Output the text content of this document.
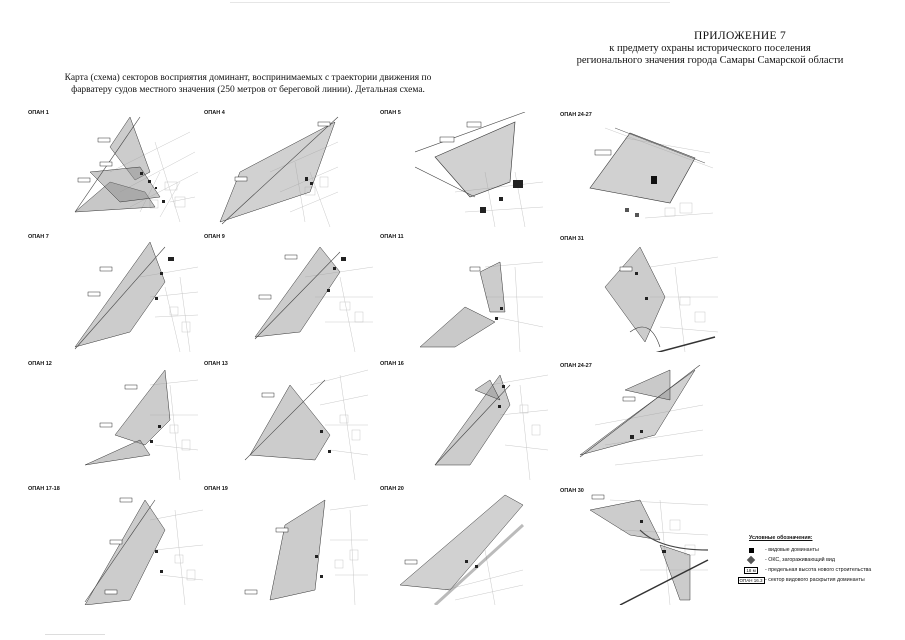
ПРИЛОЖЕНИЕ 7
к предмету охраны исторического поселения
регионального значения города Самары Самарской области
Карта (схема) секторов восприятия доминант, воспринимаемых с траектории движения по
фарватеру судов местного значения (250 метров от береговой линии). Детальная схема.
ОПАН 1	ОПАН 4	ОПАН 5	ОПАН 24-27
ОПАН 7	ОПАН 9	ОПАН 11	ОПАН 31
ОПАН 12	ОПАН 13	ОПАН 16	ОПАН 24-27
ОПАН 17-18	ОПАН 19	ОПАН 20	ОПАН 30
Условные обозначения:
- видовые доминанты
- ОКС, загораживающий вид
18 м	- предельная высота нового строительства
ОПАН 16.3 - сектор видового раскрытия доминанты
